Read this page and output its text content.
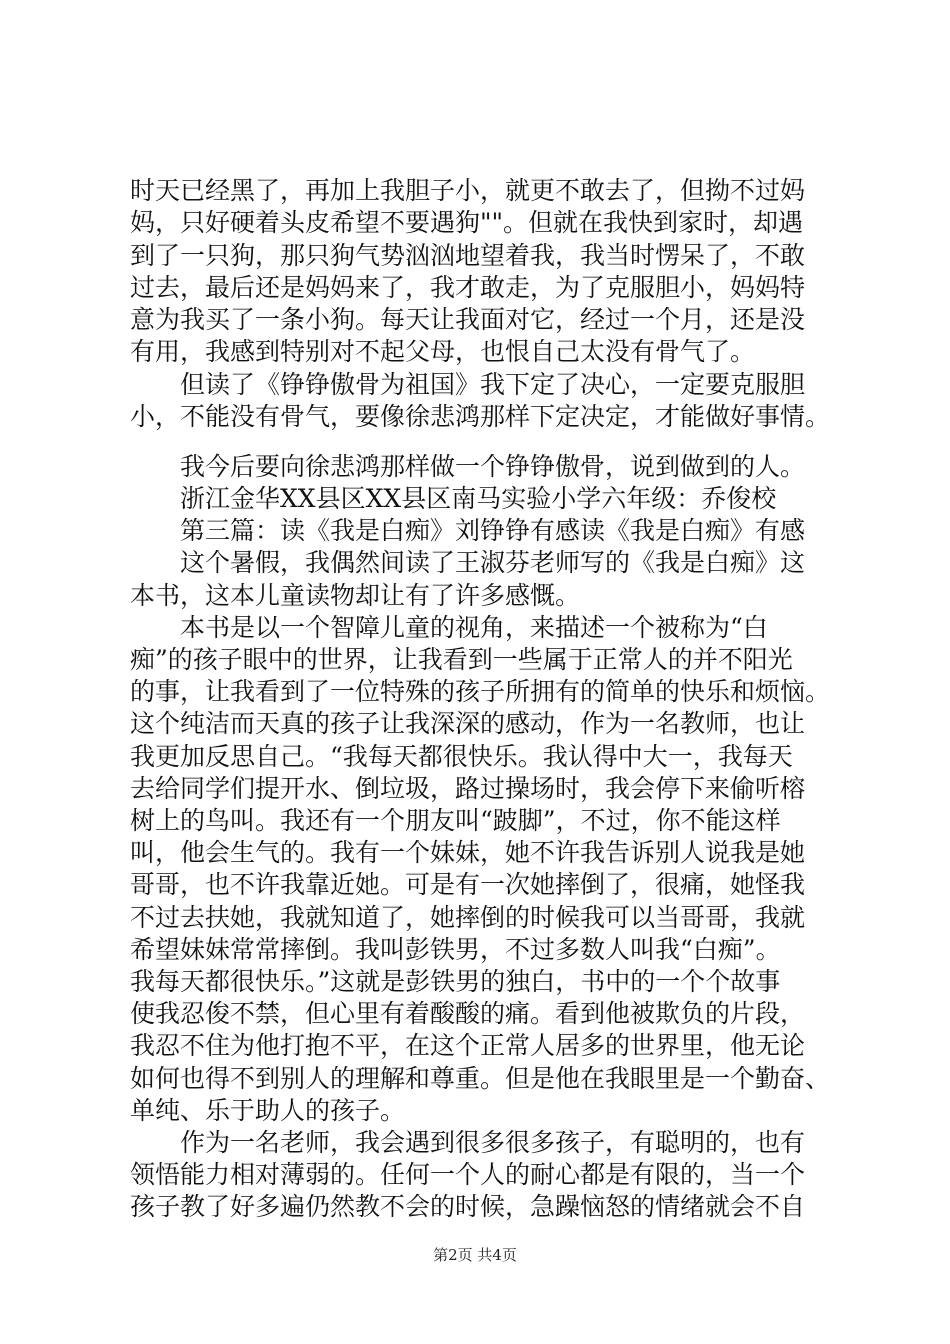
时天已经黑了，再加上我胆子小，就更不敢去了，但拗不过妈
妈，只好硬着头皮希望不要遇狗""。但就在我快到家时，却遇
到了一只狗，那只狗气势汹汹地望着我，我当时愣呆了，不敢
过去，最后还是妈妈来了，我才敢走，为了克服胆小，妈妈特
意为我买了一条小狗。每天让我面对它，经过一个月，还是没
有用，我感到特别对不起父母，也恨自己太没有骨气了。
　　但读了《铮铮傲骨为祖国》我下定了决心，一定要克服胆
小，不能没有骨气，要像徐悲鸿那样下定决定，才能做好事情。
　　我今后要向徐悲鸿那样做一个铮铮傲骨，说到做到的人。
　　浙江金华XX县区XX县区南马实验小学六年级：乔俊校
　　第三篇：读《我是白痴》刘铮铮有感读《我是白痴》有感
　　这个暑假，我偶然间读了王淑芬老师写的《我是白痴》这
本书，这本儿童读物却让有了许多感慨。
　　本书是以一个智障儿童的视角，来描述一个被称为“白
痴”的孩子眼中的世界，让我看到一些属于正常人的并不阳光
的事，让我看到了一位特殊的孩子所拥有的简单的快乐和烦恼。
这个纯洁而天真的孩子让我深深的感动，作为一名教师，也让
我更加反思自己。“我每天都很快乐。我认得中大一，我每天
去给同学们提开水、倒垃圾，路过操场时，我会停下来偷听榕
树上的鸟叫。我还有一个朋友叫“跛脚”，不过，你不能这样
叫，他会生气的。我有一个妹妹，她不许我告诉别人说我是她
哥哥，也不许我靠近她。可是有一次她摔倒了，很痛，她怪我
不过去扶她，我就知道了，她摔倒的时候我可以当哥哥，我就
希望妹妹常常摔倒。我叫彭铁男，不过多数人叫我“白痴”。
我每天都很快乐。”这就是彭铁男的独白，书中的一个个故事
使我忍俊不禁，但心里有着酸酸的痛。看到他被欺负的片段，
我忍不住为他打抱不平，在这个正常人居多的世界里，他无论
如何也得不到别人的理解和尊重。但是他在我眼里是一个勤奋、
单纯、乐于助人的孩子。
　　作为一名老师，我会遇到很多很多孩子，有聪明的，也有
领悟能力相对薄弱的。任何一个人的耐心都是有限的，当一个
孩子教了好多遍仍然教不会的时候，急躁恼怒的情绪就会不自
第2页 共4页
